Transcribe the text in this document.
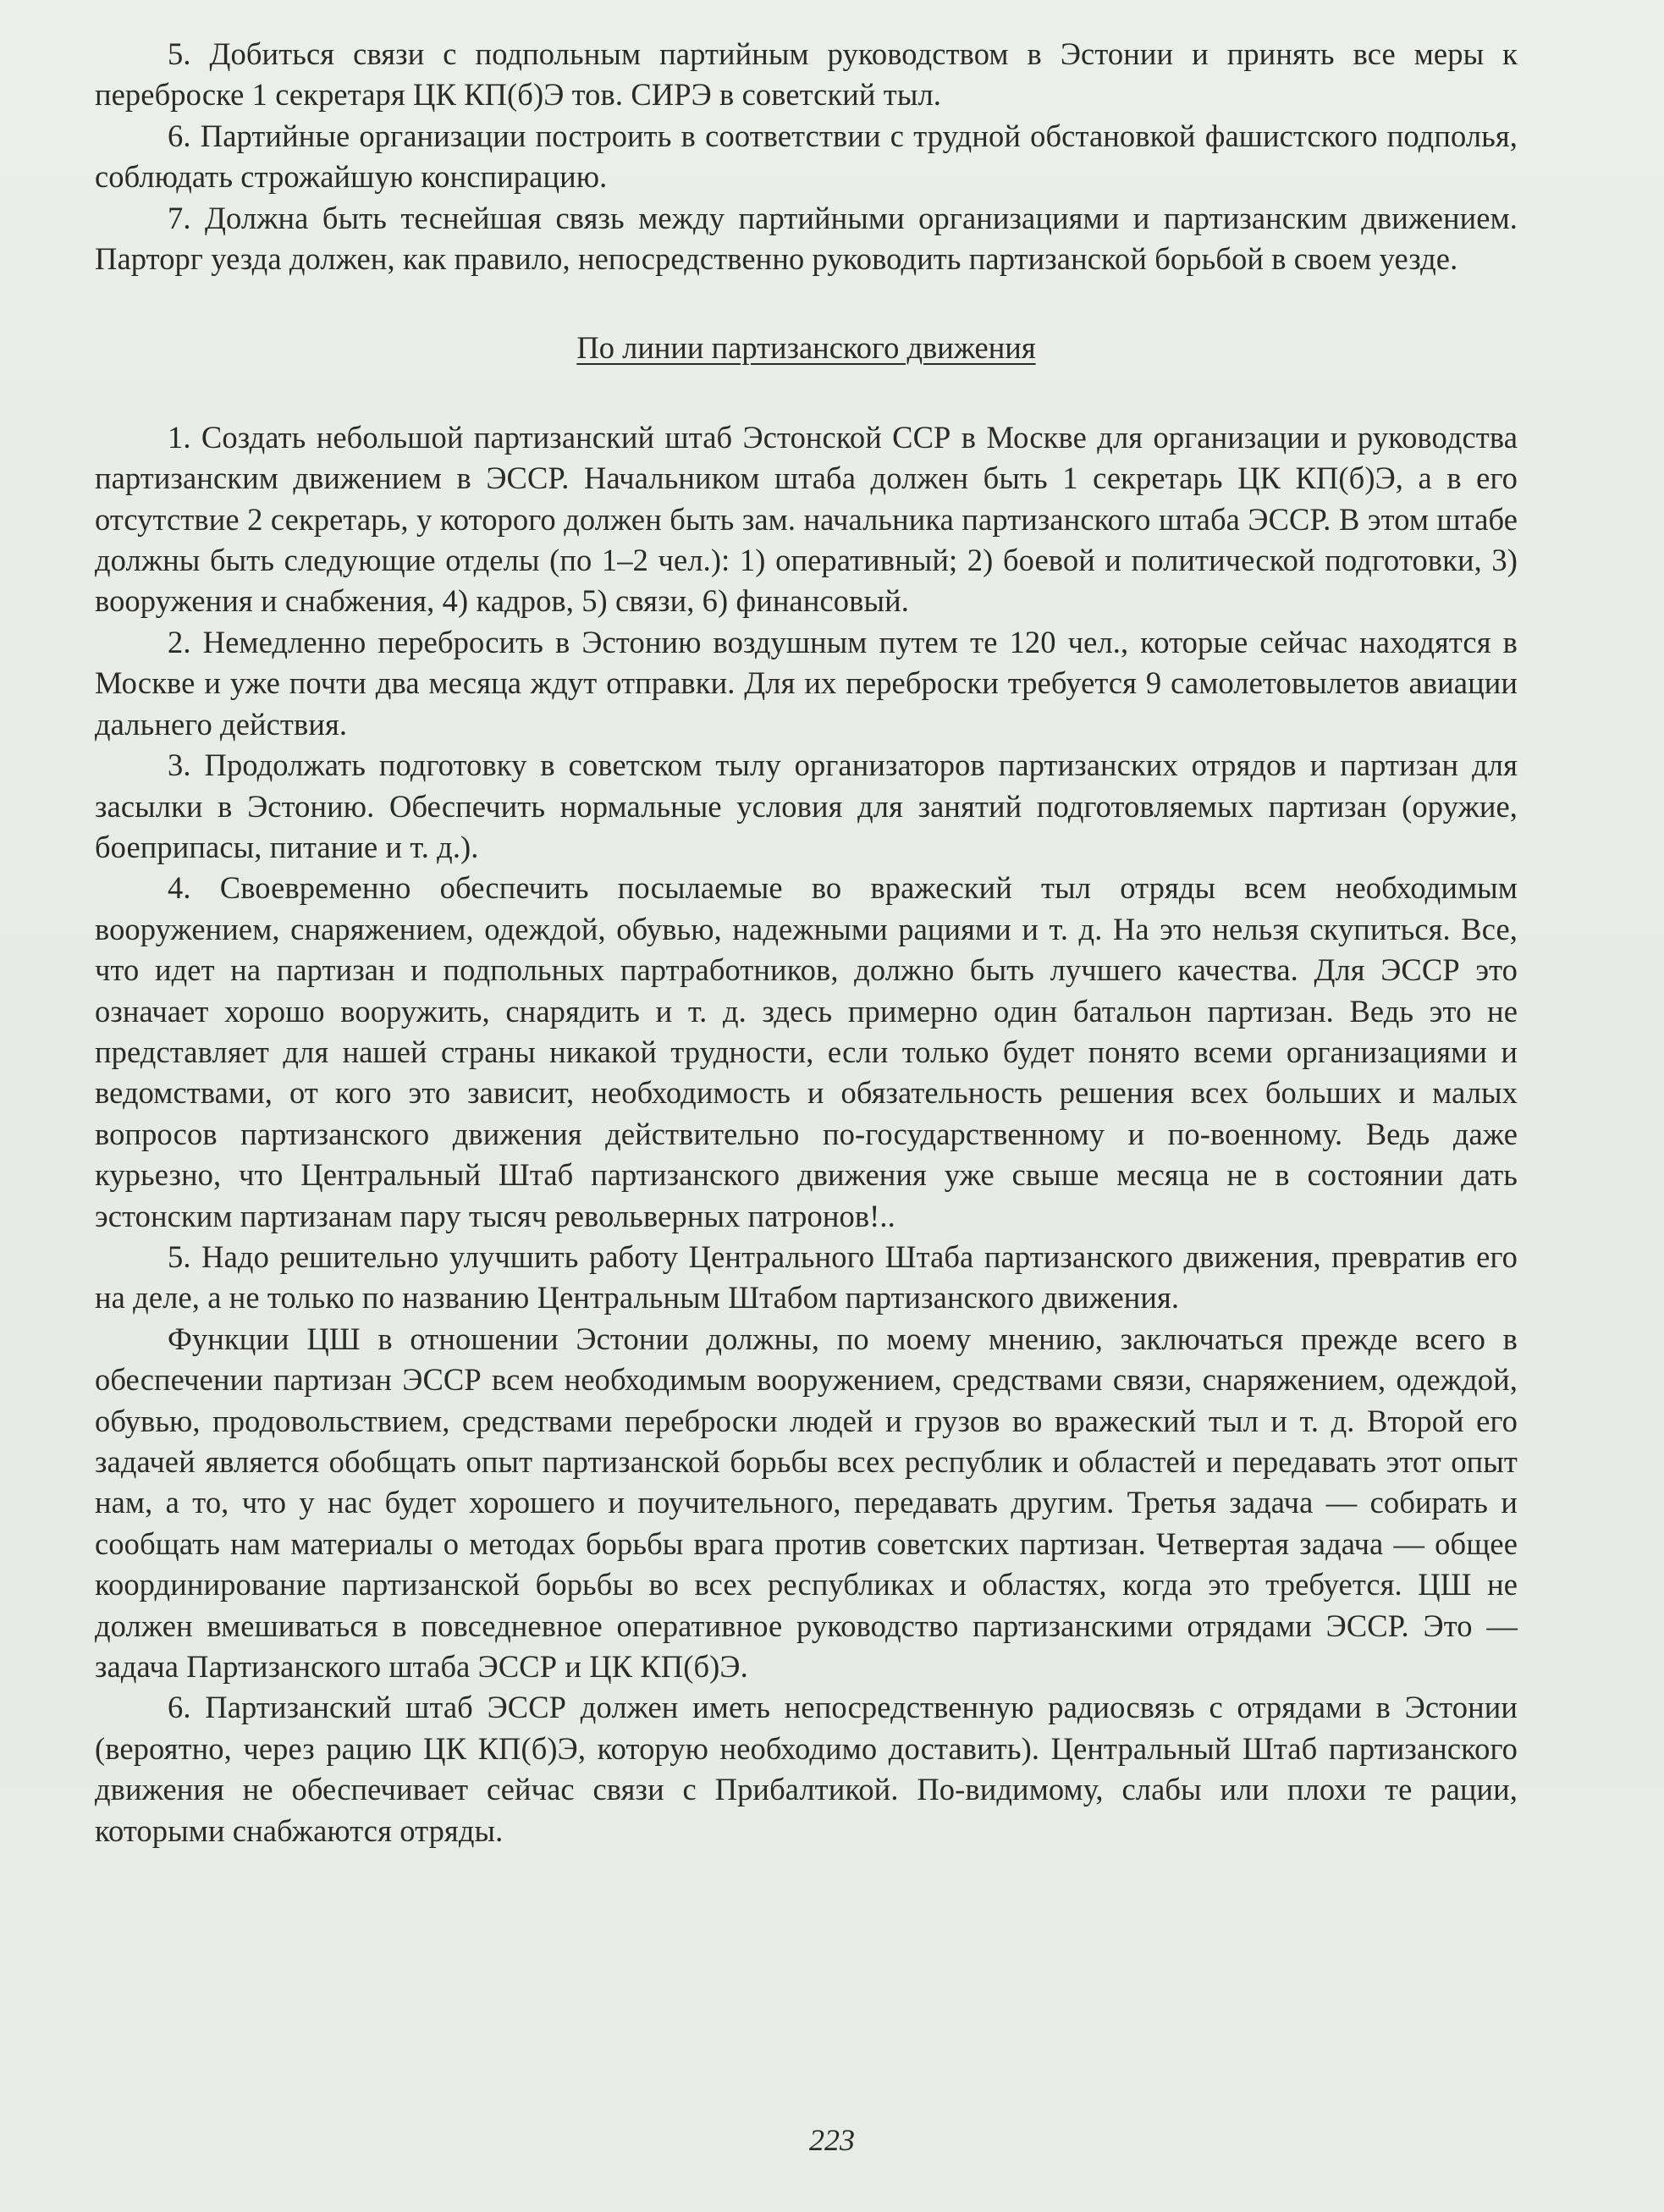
5. Добиться связи с подпольным партийным руководством в Эстонии и принять все меры к переброске 1 секретаря ЦК КП(б)Э тов. СИРЭ в советский тыл.

6. Партийные организации построить в соответствии с трудной обстановкой фашистского подполья, соблюдать строжайшую конспирацию.

7. Должна быть теснейшая связь между партийными организациями и партизанским движением. Парторг уезда должен, как правило, непосредственно руководить партизанской борьбой в своем уезде.

По линии партизанского движения

1. Создать небольшой партизанский штаб Эстонской ССР в Москве для организации и руководства партизанским движением в ЭССР. Начальником штаба должен быть 1 секретарь ЦК КП(б)Э, а в его отсутствие 2 секретарь, у которого должен быть зам. начальника партизанского штаба ЭССР. В этом штабе должны быть следующие отделы (по 1–2 чел.): 1) оперативный; 2) боевой и политической подготовки, 3) вооружения и снабжения, 4) кадров, 5) связи, 6) финансовый.

2. Немедленно перебросить в Эстонию воздушным путем те 120 чел., которые сейчас находятся в Москве и уже почти два месяца ждут отправки. Для их переброски требуется 9 самолетовылетов авиации дальнего действия.

3. Продолжать подготовку в советском тылу организаторов партизанских отрядов и партизан для засылки в Эстонию. Обеспечить нормальные условия для занятий подготовляемых партизан (оружие, боеприпасы, питание и т. д.).

4. Своевременно обеспечить посылаемые во вражеский тыл отряды всем необходимым вооружением, снаряжением, одеждой, обувью, надежными рациями и т. д. На это нельзя скупиться. Все, что идет на партизан и подпольных партработников, должно быть лучшего качества. Для ЭССР это означает хорошо вооружить, снарядить и т. д. здесь примерно один батальон партизан. Ведь это не представляет для нашей страны никакой трудности, если только будет понято всеми организациями и ведомствами, от кого это зависит, необходимость и обязательность решения всех больших и малых вопросов партизанского движения действительно по-государственному и по-военному. Ведь даже курьезно, что Центральный Штаб партизанского движения уже свыше месяца не в состоянии дать эстонским партизанам пару тысяч револьверных патронов!..

5. Надо решительно улучшить работу Центрального Штаба партизанского движения, превратив его на деле, а не только по названию Центральным Штабом партизанского движения.

Функции ЦШ в отношении Эстонии должны, по моему мнению, заключаться прежде всего в обеспечении партизан ЭССР всем необходимым вооружением, средствами связи, снаряжением, одеждой, обувью, продовольствием, средствами переброски людей и грузов во вражеский тыл и т. д. Второй его задачей является обобщать опыт партизанской борьбы всех республик и областей и передавать этот опыт нам, а то, что у нас будет хорошего и поучительного, передавать другим. Третья задача — собирать и сообщать нам материалы о методах борьбы врага против советских партизан. Четвертая задача — общее координирование партизанской борьбы во всех республиках и областях, когда это требуется. ЦШ не должен вмешиваться в повседневное оперативное руководство партизанскими отрядами ЭССР. Это — задача Партизанского штаба ЭССР и ЦК КП(б)Э.

6. Партизанский штаб ЭССР должен иметь непосредственную радиосвязь с отрядами в Эстонии (вероятно, через рацию ЦК КП(б)Э, которую необходимо доставить). Центральный Штаб партизанского движения не обеспечивает сейчас связи с Прибалтикой. По-видимому, слабы или плохи те рации, которыми снабжаются отряды.

223
